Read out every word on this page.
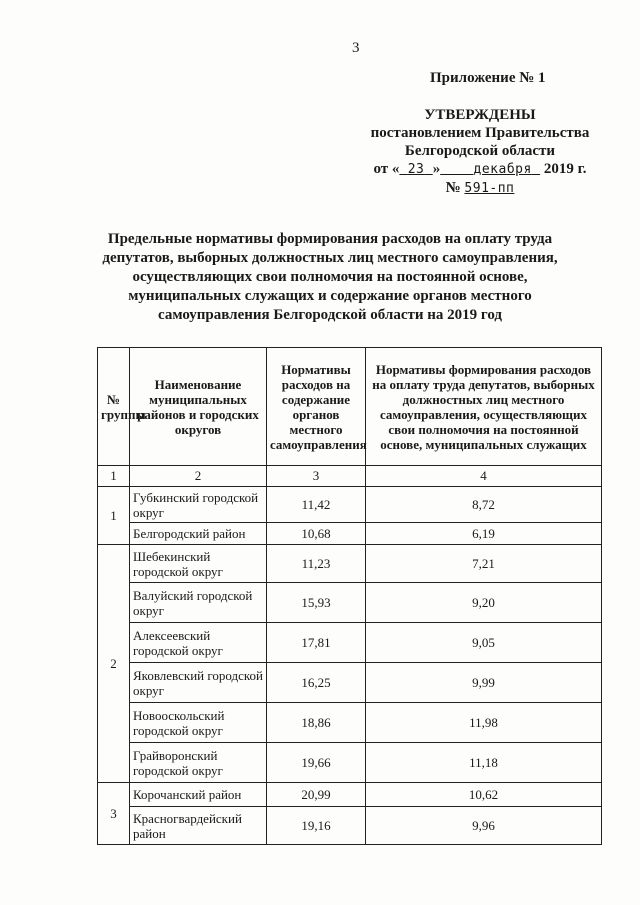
3
Приложение № 1
УТВЕРЖДЕНЫ
постановлением Правительства
Белгородской области
от « 23 »	декабря 2019 г.
№ 591-пп
Предельные нормативы формирования расходов на оплату труда депутатов, выборных должностных лиц местного самоуправления, осуществляющих свои полномочия на постоянной основе, муниципальных служащих и содержание органов местного самоуправления Белгородской области на 2019 год
№ группы	Наименование муниципальных районов и городских округов	Нормативы расходов на содержание органов местного самоуправления	Нормативы формирования расходов на оплату труда депутатов, выборных должностных лиц местного самоуправления, осуществляющих свои полномочия на постоянной основе, муниципальных служащих
1	2	3	4
1	Губкинский городской округ	11,42	8,72
	Белгородский район	10,68	6,19
2	Шебекинский городской округ	11,23	7,21
	Валуйский городской округ	15,93	9,20
	Алексеевский городской округ	17,81	9,05
	Яковлевский городской округ	16,25	9,99
	Новооскольский городской округ	18,86	11,98
	Грайворонский городской округ	19,66	11,18
3	Корочанский район	20,99	10,62
	Красногвардейский район	19,16	9,96
